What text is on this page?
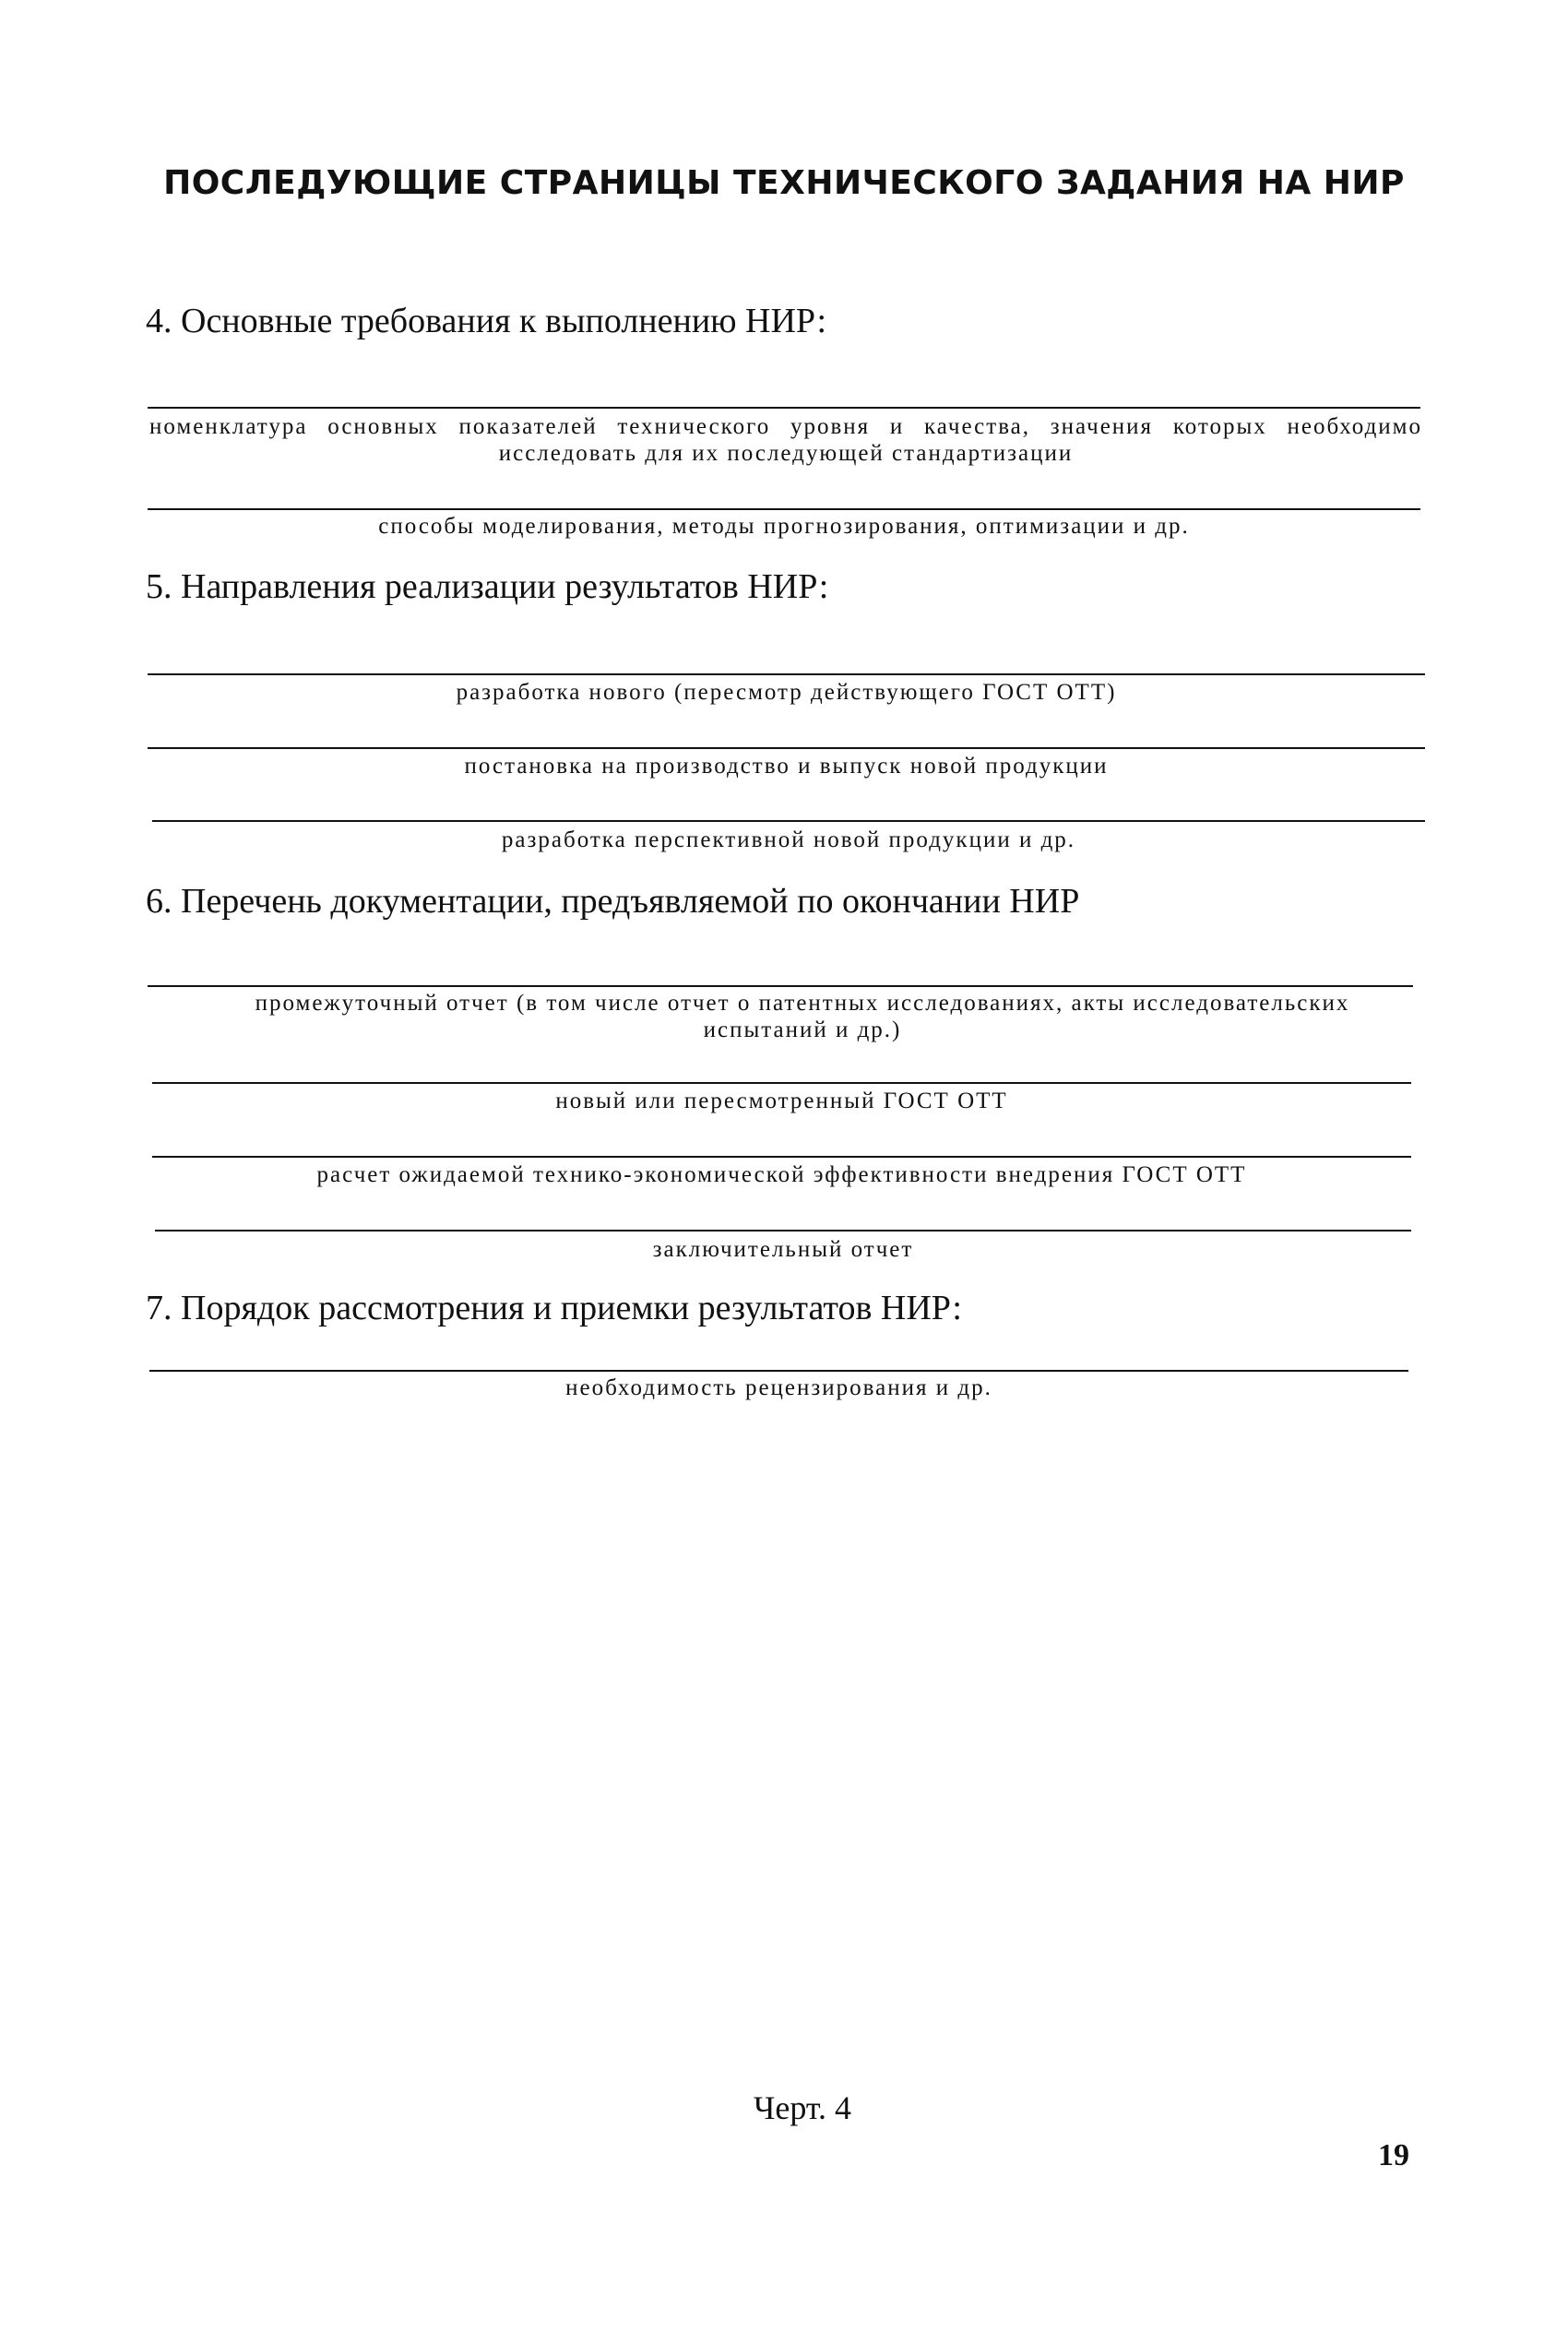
ПОСЛЕДУЮЩИЕ СТРАНИЦЫ ТЕХНИЧЕСКОГО ЗАДАНИЯ НА НИР
4. Основные требования к выполнению НИР:
номенклатура основных показателей технического уровня и качества, значения которых необходимо исследовать для их последующей стандартизации
способы моделирования, методы прогнозирования, оптимизации и др.
5. Направления реализации результатов НИР:
разработка нового (пересмотр действующего ГОСТ ОТТ)
постановка на производство и выпуск новой продукции
разработка перспективной новой продукции и др.
6. Перечень документации, предъявляемой по окончании НИР
промежуточный отчет (в том числе отчет о патентных исследованиях, акты исследовательских испытаний и др.)
новый или пересмотренный ГОСТ ОТТ
расчет ожидаемой технико-экономической эффективности внедрения ГОСТ ОТТ
заключительный отчет
7. Порядок рассмотрения и приемки результатов НИР:
необходимость рецензирования и др.
Черт. 4
19
